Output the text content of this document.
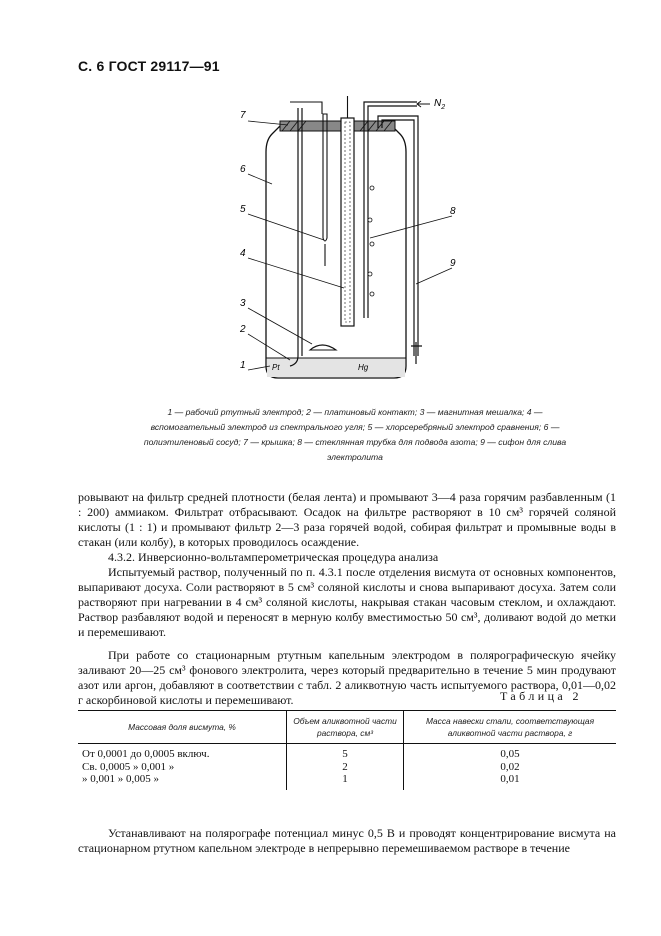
С. 6 ГОСТ 29117—91
7
6
5
4
3
2
1
8
9
$N_2$
Pt	Hg
1 — рабочий ртутный электрод; 2 — платиновый контакт; 3 — магнитная мешалка; 4 — вспомогательный электрод из спектрального угля; 5 — хлорсеребряный электрод сравнения; 6 — полиэтиленовый сосуд; 7 — крышка; 8 — стеклянная трубка для подвода азота; 9 — сифон для слива электролита

ровывают на фильтр средней плотности (белая лента) и промывают 3—4 раза горячим разбавленным (1 : 200) аммиаком. Фильтрат отбрасывают. Осадок на фильтре растворяют в 10 см³ горячей соляной кислоты (1 : 1) и промывают фильтр 2—3 раза горячей водой, собирая фильтрат и промывные воды в стакан (или колбу), в которых проводилось осаждение.

4.3.2. Инверсионно-вольтамперометрическая процедура анализа

Испытуемый раствор, полученный по п. 4.3.1 после отделения висмута от основных компонентов, выпаривают досуха. Соли растворяют в 5 см³ соляной кислоты и снова выпаривают досуха. Затем соли растворяют при нагревании в 4 см³ соляной кислоты, накрывая стакан часовым стеклом, и охлаждают. Раствор разбавляют водой и переносят в мерную колбу вместимостью 50 см³, доливают водой до метки и перемешивают.

При работе со стационарным ртутным капельным электродом в полярографическую ячейку заливают 20—25 см³ фонового электролита, через который предварительно в течение 5 мин продувают азот или аргон, добавляют в соответствии с табл. 2 аликвотную часть испытуемого раствора, 0,01—0,02 г аскорбиновой кислоты и перемешивают.	Таблица 2
Массовая доля висмута, %	Объем аликвотной части раствора, см³	Масса навески стали, соответствующая аликвотной части раствора, г
От 0,0001 до 0,0005 включ.	5	0,05
Св. 0,0005 » 0,001 »	2	0,02
» 0,001 » 0,005 »	1	0,01

Устанавливают на полярографе потенциал минус 0,5 В и проводят концентрирование висмута на стационарном ртутном капельном электроде в непрерывно перемешиваемом растворе в течение
